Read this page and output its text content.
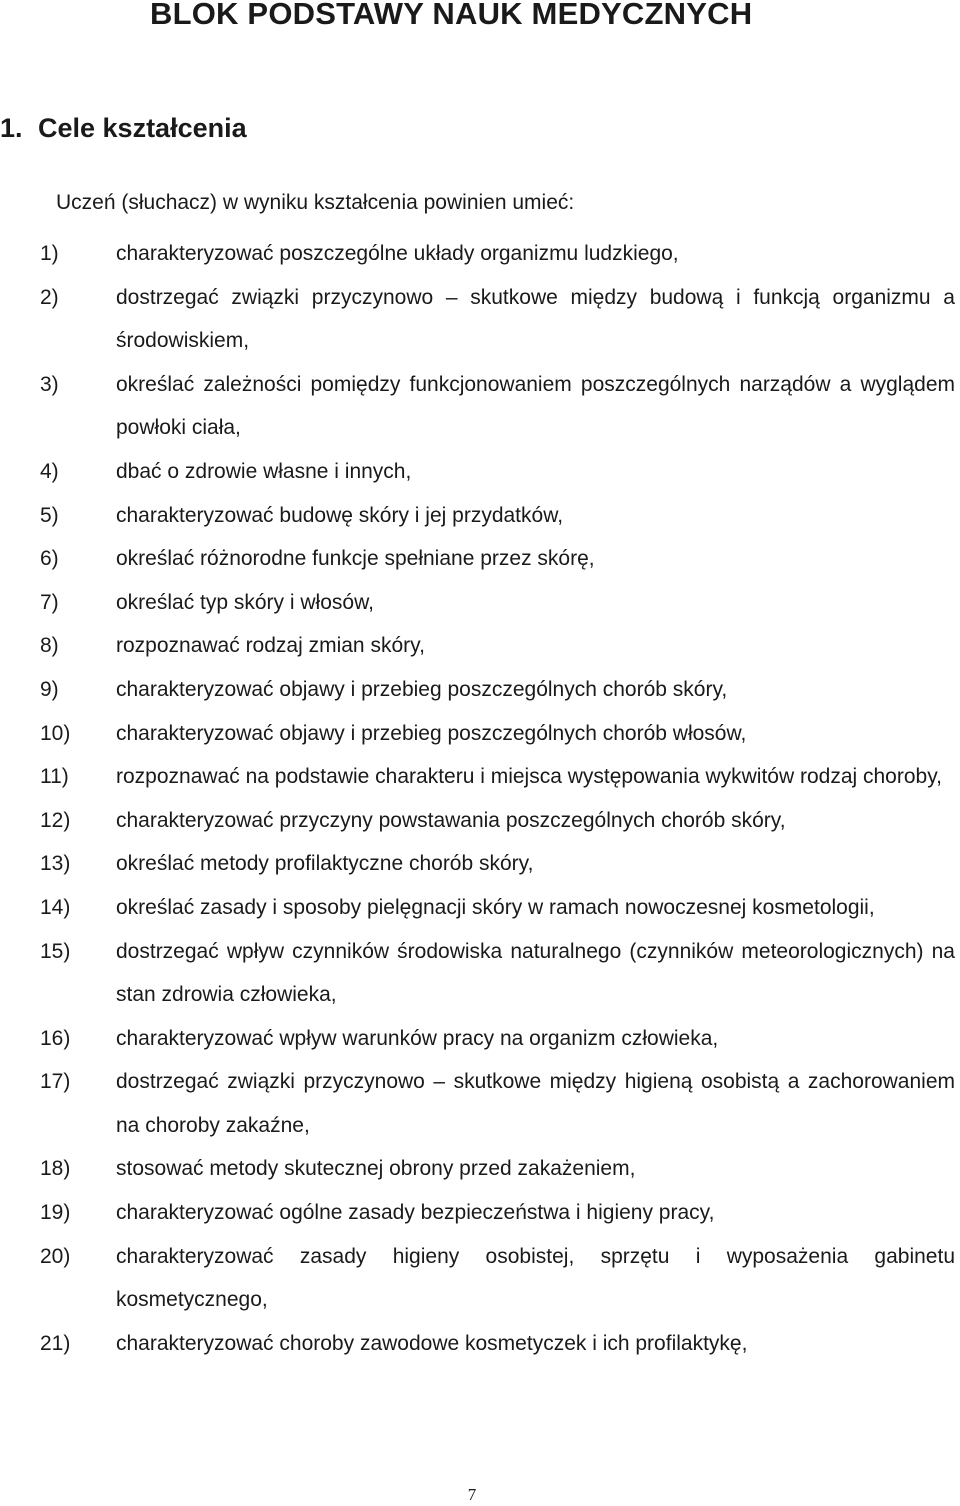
BLOK PODSTAWY NAUK MEDYCZNYCH
1. Cele kształcenia

Uczeń (słuchacz) w wyniku kształcenia powinien umieć:

1)	charakteryzować poszczególne układy organizmu ludzkiego,
2)	dostrzegać związki przyczynowo – skutkowe między budową i funkcją organizmu a środowiskiem,
3)	określać zależności pomiędzy funkcjonowaniem poszczególnych narządów a wyglądem powłoki ciała,
4)	dbać o zdrowie własne i innych,
5)	charakteryzować budowę skóry i jej przydatków,
6)	określać różnorodne funkcje spełniane przez skórę,
7)	określać typ skóry i włosów,
8)	rozpoznawać rodzaj zmian skóry,
9)	charakteryzować objawy i przebieg poszczególnych chorób skóry,
10)	charakteryzować objawy i przebieg poszczególnych chorób włosów,
11)	rozpoznawać na podstawie charakteru i miejsca występowania wykwitów rodzaj choroby,
12)	charakteryzować przyczyny powstawania poszczególnych chorób skóry,
13)	określać metody profilaktyczne chorób skóry,
14)	określać zasady i sposoby pielęgnacji skóry w ramach nowoczesnej kosmetologii,
15)	dostrzegać wpływ czynników środowiska naturalnego (czynników meteorologicznych) na stan zdrowia człowieka,
16)	charakteryzować wpływ warunków pracy na organizm człowieka,
17)	dostrzegać związki przyczynowo – skutkowe między higieną osobistą a zachorowaniem na choroby zakaźne,
18)	stosować metody skutecznej obrony przed zakażeniem,
19)	charakteryzować ogólne zasady bezpieczeństwa i higieny pracy,
20)	charakteryzować zasady higieny osobistej, sprzętu i wyposażenia gabinetu kosmetycznego,
21)	charakteryzować choroby zawodowe kosmetyczek i ich profilaktykę,
7
